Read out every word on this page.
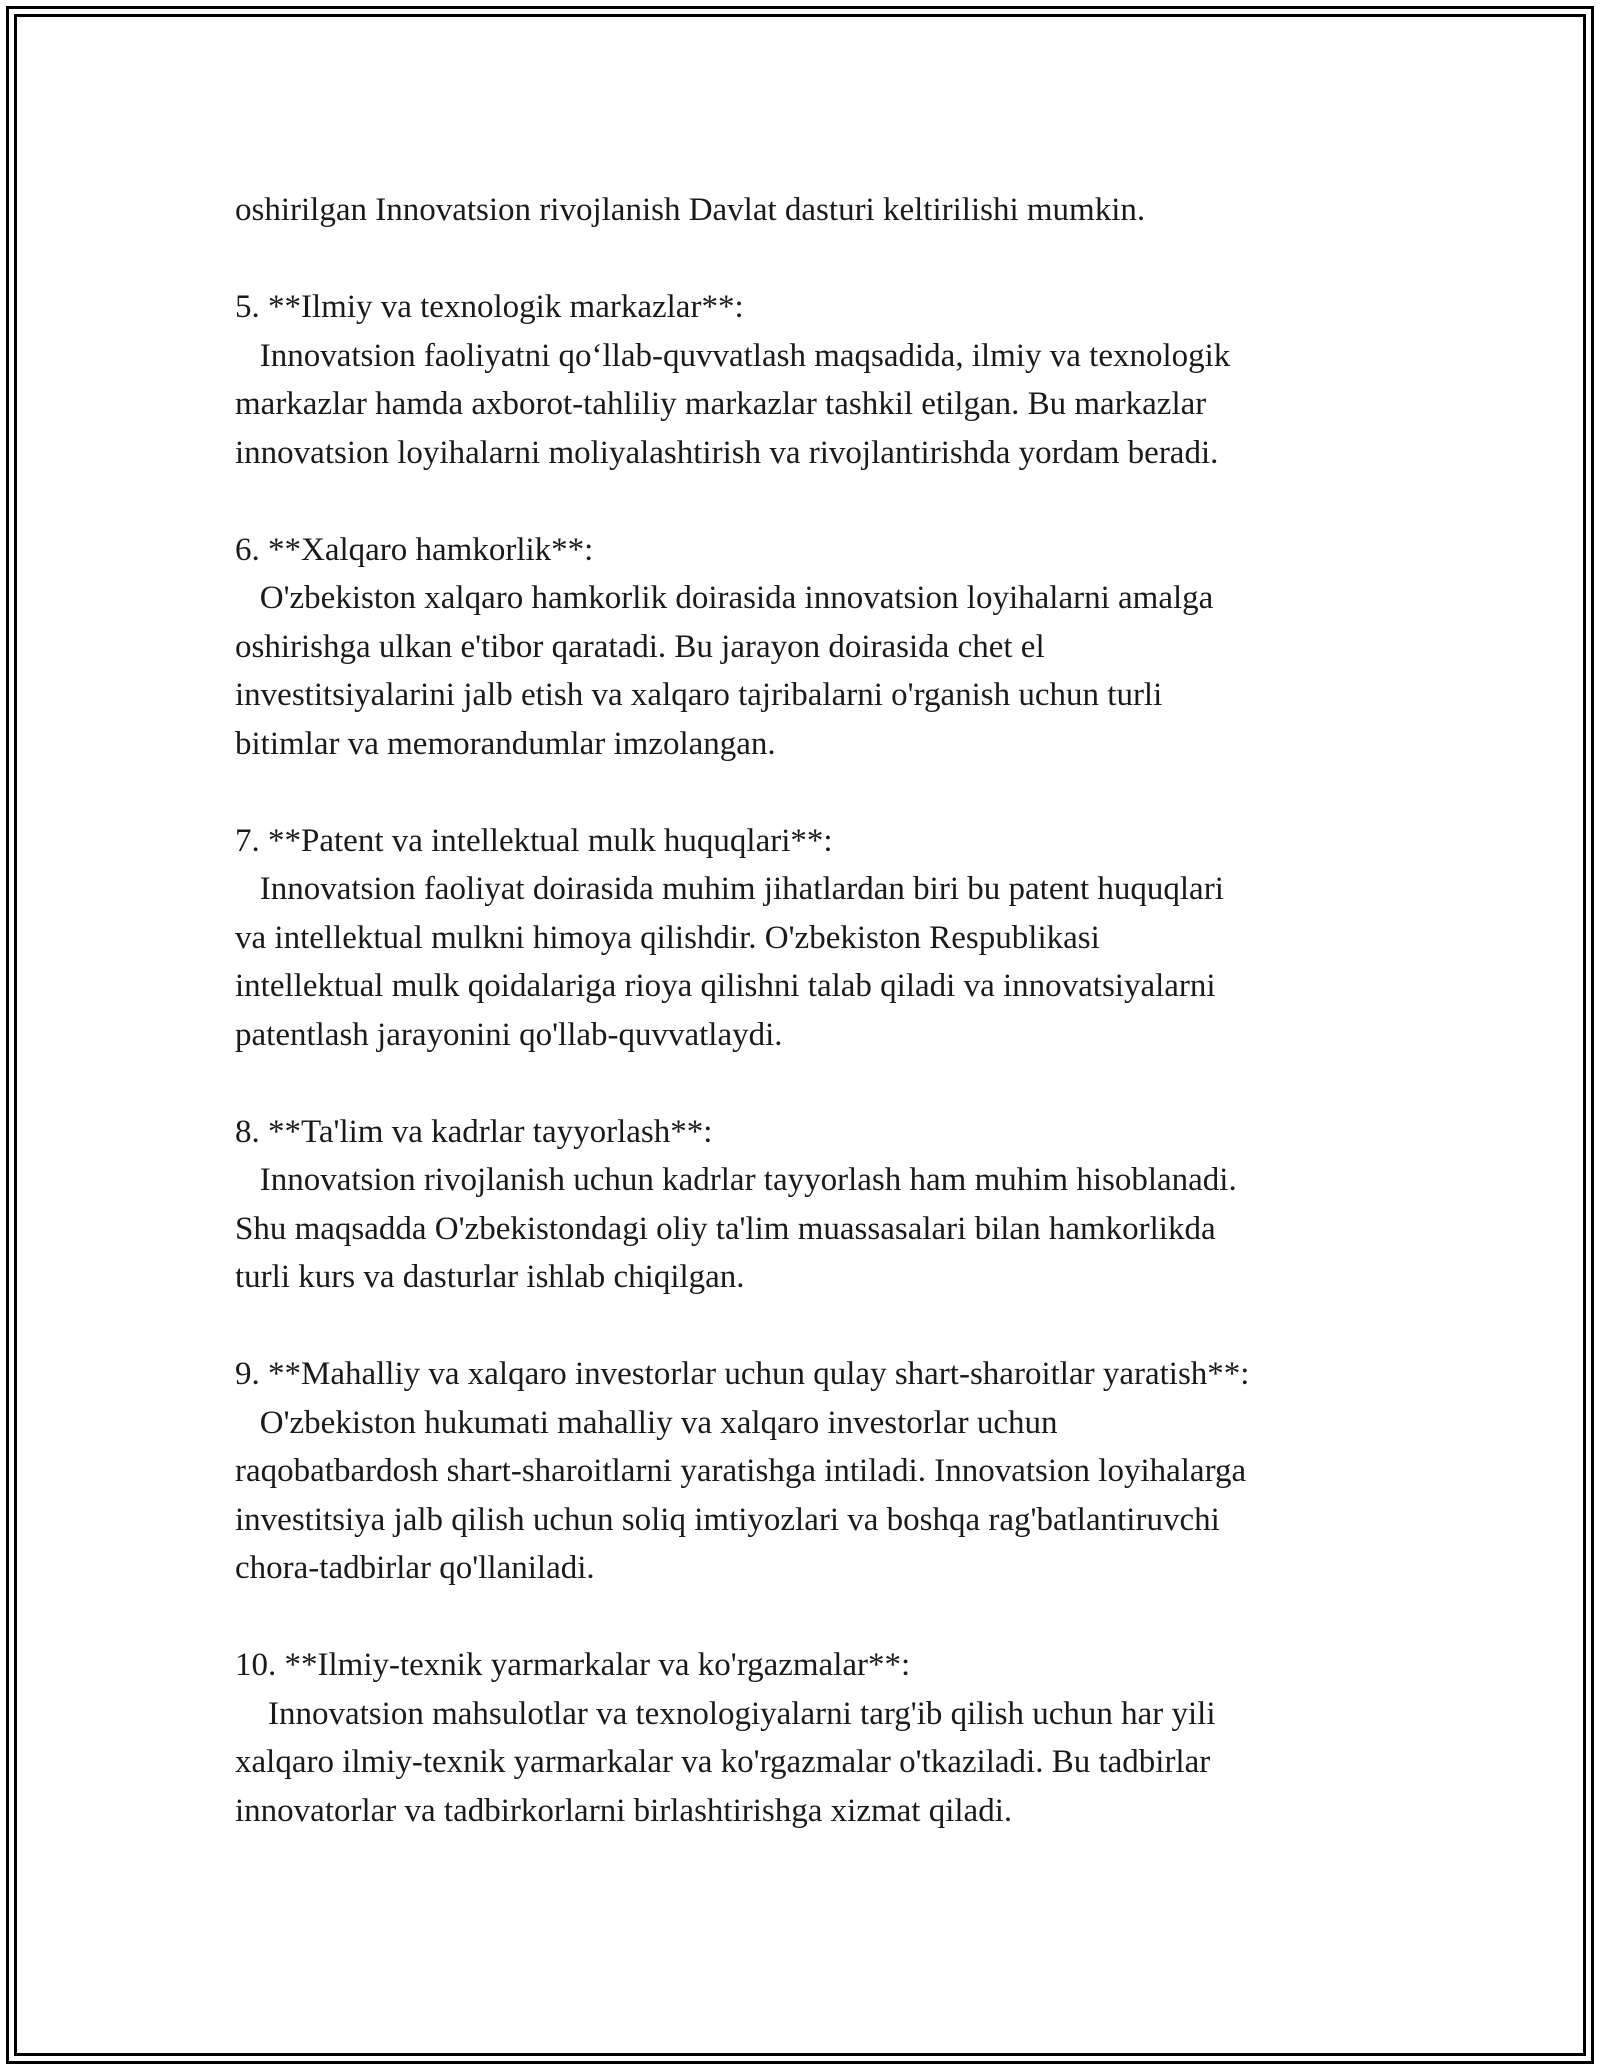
oshirilgan Innovatsion rivojlanish Davlat dasturi keltirilishi mumkin.
5. **Ilmiy va texnologik markazlar**:
Innovatsion faoliyatni qo‘llab-quvvatlash maqsadida, ilmiy va texnologik
markazlar hamda axborot-tahliliy markazlar tashkil etilgan. Bu markazlar
innovatsion loyihalarni moliyalashtirish va rivojlantirishda yordam beradi.
6. **Xalqaro hamkorlik**:
O'zbekiston xalqaro hamkorlik doirasida innovatsion loyihalarni amalga
oshirishga ulkan e'tibor qaratadi. Bu jarayon doirasida chet el
investitsiyalarini jalb etish va xalqaro tajribalarni o'rganish uchun turli
bitimlar va memorandumlar imzolangan.
7. **Patent va intellektual mulk huquqlari**:
Innovatsion faoliyat doirasida muhim jihatlardan biri bu patent huquqlari
va intellektual mulkni himoya qilishdir. O'zbekiston Respublikasi
intellektual mulk qoidalariga rioya qilishni talab qiladi va innovatsiyalarni
patentlash jarayonini qo'llab-quvvatlaydi.
8. **Ta'lim va kadrlar tayyorlash**:
Innovatsion rivojlanish uchun kadrlar tayyorlash ham muhim hisoblanadi.
Shu maqsadda O'zbekistondagi oliy ta'lim muassasalari bilan hamkorlikda
turli kurs va dasturlar ishlab chiqilgan.
9. **Mahalliy va xalqaro investorlar uchun qulay shart-sharoitlar yaratish**:
O'zbekiston hukumati mahalliy va xalqaro investorlar uchun
raqobatbardosh shart-sharoitlarni yaratishga intiladi. Innovatsion loyihalarga
investitsiya jalb qilish uchun soliq imtiyozlari va boshqa rag'batlantiruvchi
chora-tadbirlar qo'llaniladi.
10. **Ilmiy-texnik yarmarkalar va ko'rgazmalar**:
Innovatsion mahsulotlar va texnologiyalarni targ'ib qilish uchun har yili
xalqaro ilmiy-texnik yarmarkalar va ko'rgazmalar o'tkaziladi. Bu tadbirlar
innovatorlar va tadbirkorlarni birlashtirishga xizmat qiladi.
